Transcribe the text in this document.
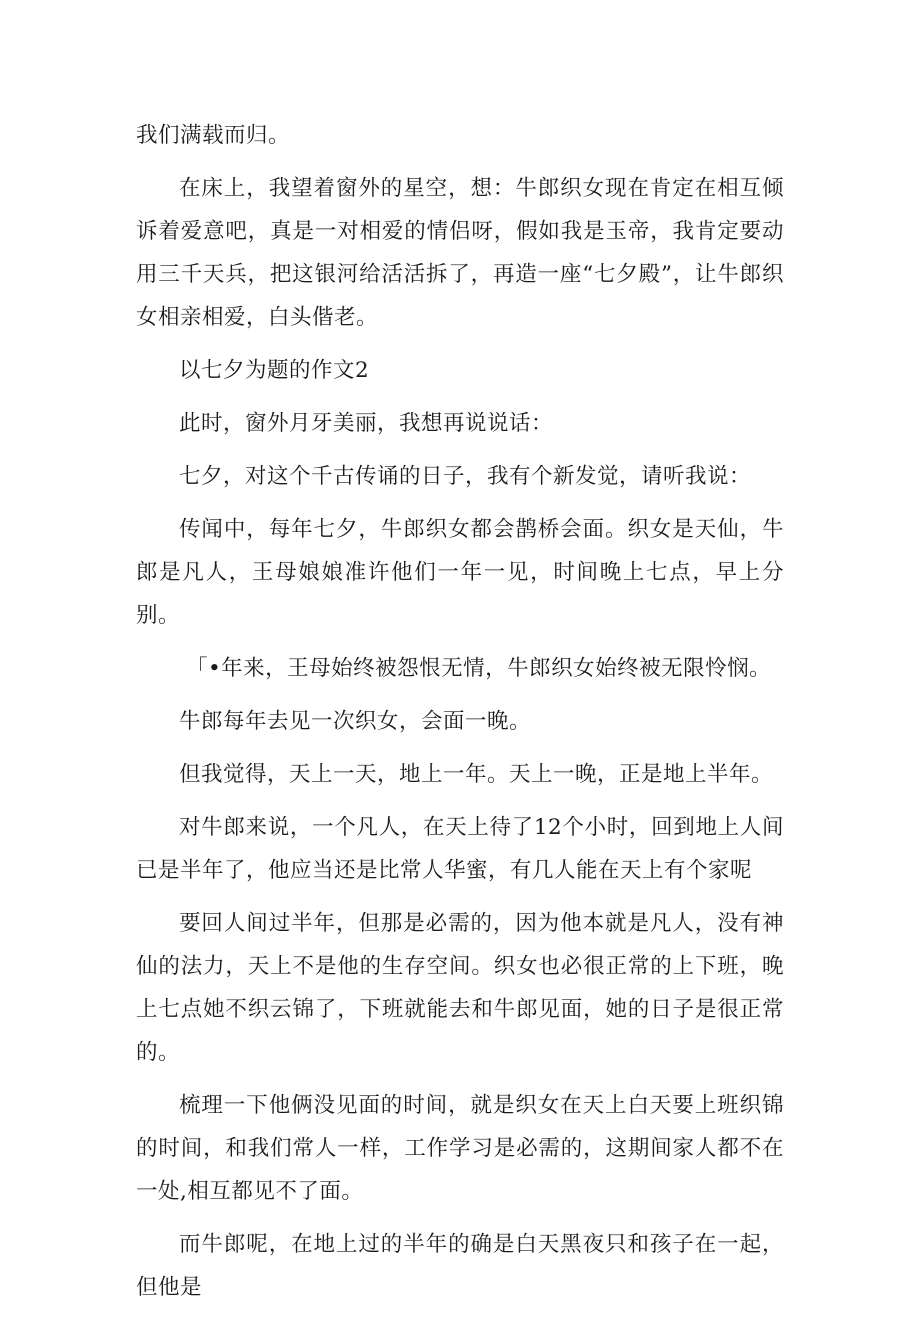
我们满载而归。

在床上，我望着窗外的星空，想：牛郎织女现在肯定在相互倾诉着爱意吧，真是一对相爱的情侣呀，假如我是玉帝，我肯定要动用三千天兵，把这银河给活活拆了，再造一座“七夕殿”，让牛郎织女相亲相爱，白头偕老。

以七夕为题的作文2

此时，窗外月牙美丽，我想再说说话：

七夕，对这个千古传诵的日子，我有个新发觉，请听我说：

传闻中，每年七夕，牛郎织女都会鹊桥会面。织女是天仙，牛郎是凡人，王母娘娘准许他们一年一见，时间晚上七点，早上分别。

「•年来，王母始终被怨恨无情，牛郎织女始终被无限怜悯。

牛郎每年去见一次织女，会面一晚。

但我觉得，天上一天，地上一年。天上一晚，正是地上半年。

对牛郎来说，一个凡人，在天上待了12个小时，回到地上人间已是半年了，他应当还是比常人华蜜，有几人能在天上有个家呢

要回人间过半年，但那是必需的，因为他本就是凡人，没有神仙的法力，天上不是他的生存空间。织女也必很正常的上下班，晚上七点她不织云锦了，下班就能去和牛郎见面，她的日子是很正常的。

梳理一下他俩没见面的时间，就是织女在天上白天要上班织锦的时间，和我们常人一样，工作学习是必需的，这期间家人都不在一处,相互都见不了面。

而牛郎呢，在地上过的半年的确是白天黑夜只和孩子在一起，但他是
